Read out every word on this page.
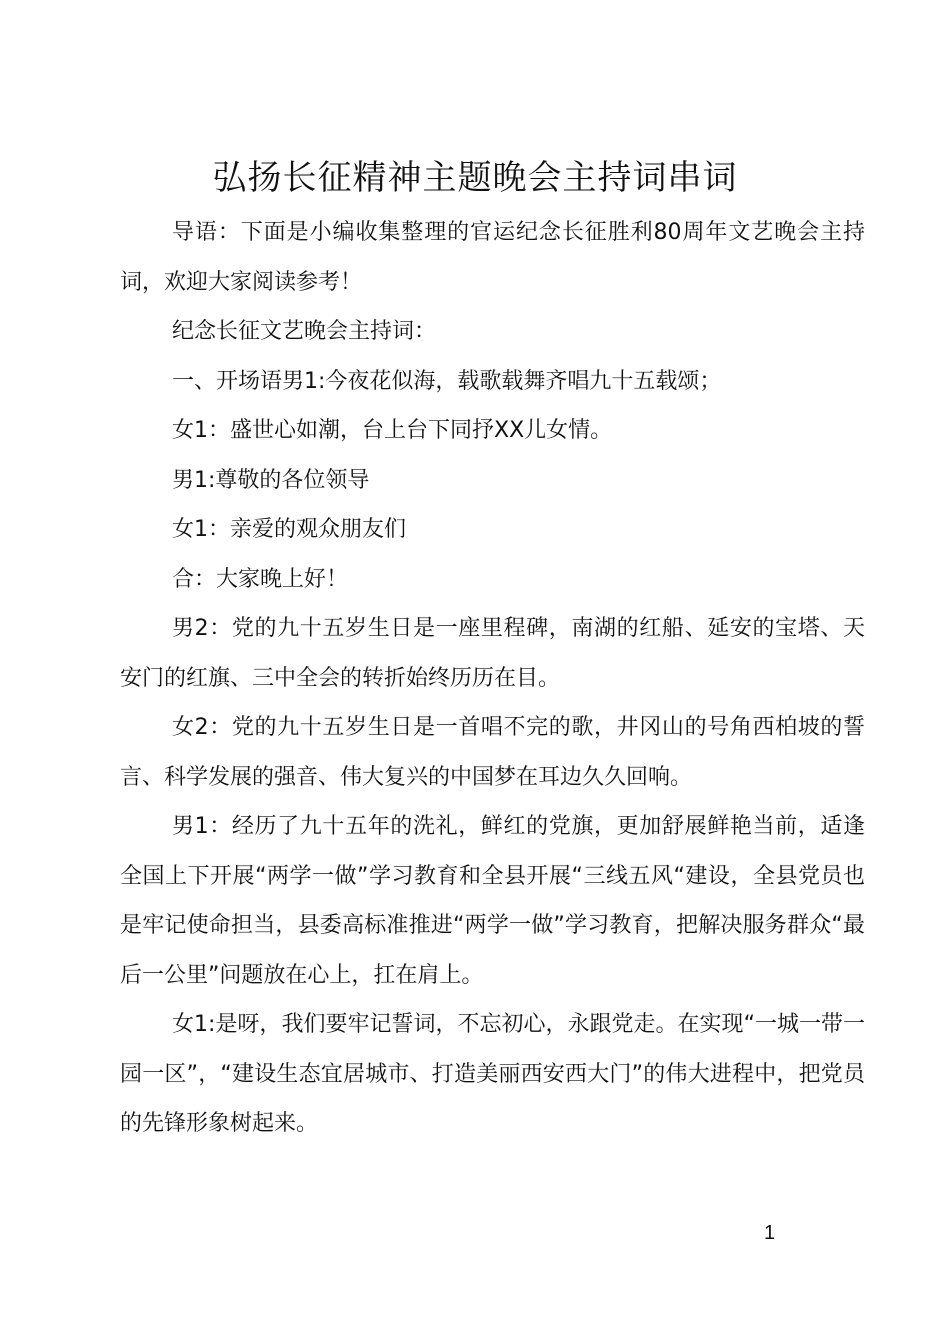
弘扬长征精神主题晚会主持词串词

导语：下面是小编收集整理的官运纪念长征胜利80周年文艺晚会主持词，欢迎大家阅读参考！

纪念长征文艺晚会主持词：

一、开场语男1:今夜花似海，载歌载舞齐唱九十五载颂；

女1：盛世心如潮，台上台下同抒XX儿女情。

男1:尊敬的各位领导

女1：亲爱的观众朋友们

合：大家晚上好！

男2：党的九十五岁生日是一座里程碑，南湖的红船、延安的宝塔、天安门的红旗、三中全会的转折始终历历在目。

女2：党的九十五岁生日是一首唱不完的歌，井冈山的号角西柏坡的誓言、科学发展的强音、伟大复兴的中国梦在耳边久久回响。

男1：经历了九十五年的洗礼，鲜红的党旗，更加舒展鲜艳当前，适逢全国上下开展“两学一做”学习教育和全县开展“三线五风“建设，全县党员也是牢记使命担当，县委高标准推进“两学一做”学习教育，把解决服务群众“最后一公里”问题放在心上，扛在肩上。

女1:是呀，我们要牢记誓词，不忘初心，永跟党走。在实现“一城一带一园一区”，“建设生态宜居城市、打造美丽西安西大门”的伟大进程中，把党员的先锋形象树起来。

1
